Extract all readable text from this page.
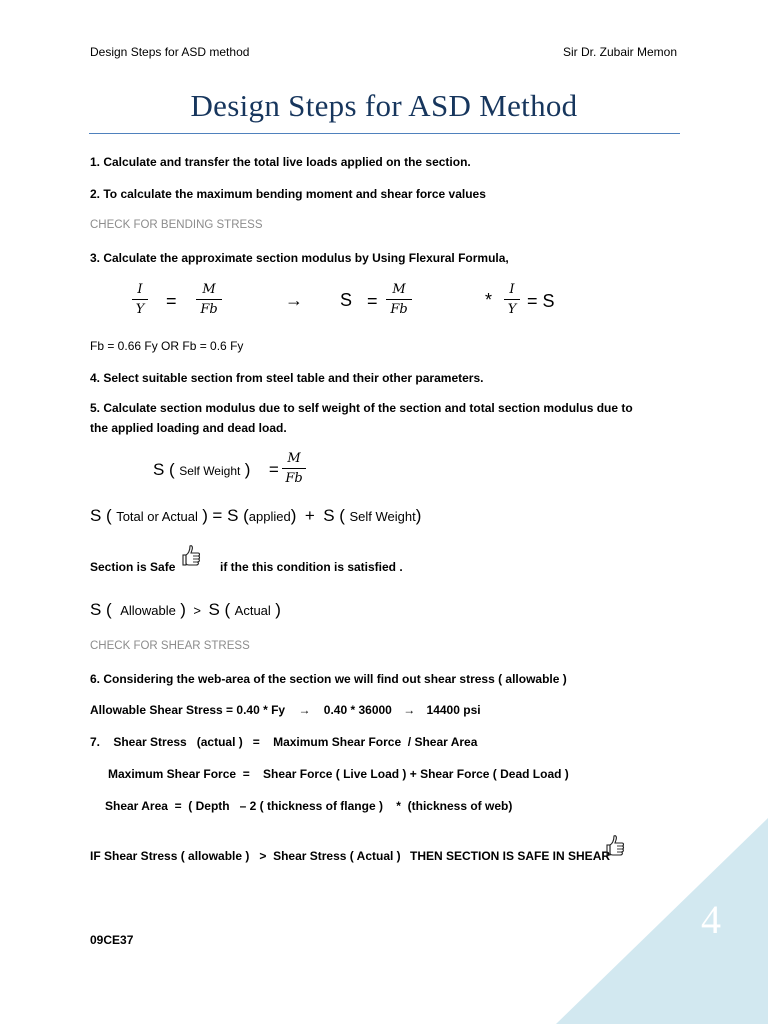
Design Steps for ASD method	Sir Dr. Zubair Memon
Design Steps for ASD Method
1. Calculate and transfer the total live loads applied on the section.
2. To calculate the maximum bending moment and shear force values
CHECK FOR BENDING STRESS
3. Calculate the approximate section modulus by Using Flexural Formula,
I
Y =
M
Fb	→ S =
M
Fb	*
I
Y = S
Fb = 0.66 Fy OR Fb = 0.6 Fy
4. Select suitable section from steel table and their other parameters.
5. Calculate section modulus due to self weight of the section and total section modulus due to the applied loading and dead load.
S ( Self Weight ) =
M
Fb
S ( Total or Actual ) = S (applied) + S ( Self Weight)
Section is Safe	if the this condition is satisfied .
S ( Allowable ) > S ( Actual )
CHECK FOR SHEAR STRESS
6. Considering the web-area of the section we will find out shear stress ( allowable )
Allowable Shear Stress = 0.40 * Fy → 0.40 * 36000 → 14400 psi
7.    Shear Stress   (actual )   =    Maximum Shear Force  / Shear Area
Maximum Shear Force  =    Shear Force ( Live Load ) + Shear Force ( Dead Load )
Shear Area  =  ( Depth   – 2 ( thickness of flange )    *  (thickness of web)
IF Shear Stress ( allowable )   >  Shear Stress ( Actual ) THEN SECTION IS SAFE IN SHEAR
09CE37	4
